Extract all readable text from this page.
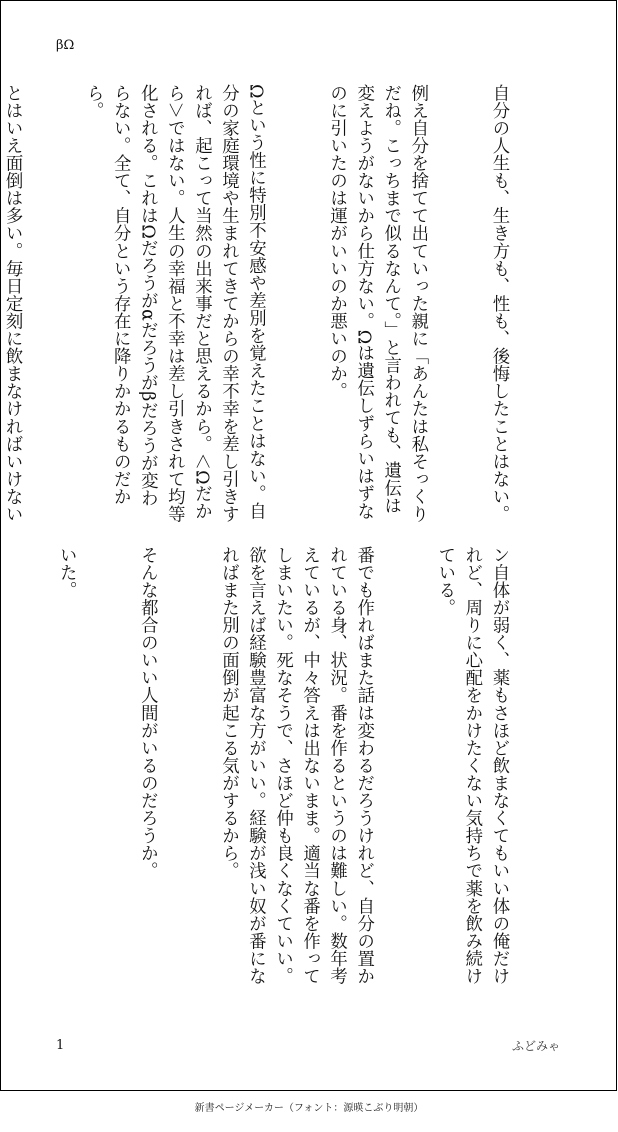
βΩ

自分の人生も、生き方も、性も、後悔したことはない。

例え自分を捨てて出ていった親に「あんたは私そっくりだね。こっちまで似るなんて。」と言われても、遺伝は変えようがないから仕方ない。Ωは遺伝しずらいはずなのに引いたのは運がいいのか悪いのか。

Ωという性に特別不安感や差別を覚えたことはない。自分の家庭環境や生まれてきてからの幸不幸を差し引きすれば、起こって当然の出来事だと思えるから。＜Ωだから＞ではない。人生の幸福と不幸は差し引きされて均等化される。これはΩだろうがαだろうがβだろうが変わらない。全て、自分という存在に降りかかるものだから。

とはいえ面倒は多い。毎日定刻に飲まなければいけない

ン自体が弱く、薬もさほど飲まなくてもいい体の俺だけれど、周りに心配をかけたくない気持ちで薬を飲み続けている。

番でも作ればまた話は変わるだろうけれど、自分の置かれている身、状況。番を作るというのは難しい。数年考えているが、中々答えは出ないまま。適当な番を作ってしまいたい。死なそうで、さほど仲も良くなくていい。欲を言えば経験豊富な方がいい。経験が浅い奴が番になればまた別の面倒が起こる気がするから。

そんな都合のいい人間がいるのだろうか。

いた。

1	ふどみゃ
新書ページメーカー（フォント：源暎こぶり明朝）
